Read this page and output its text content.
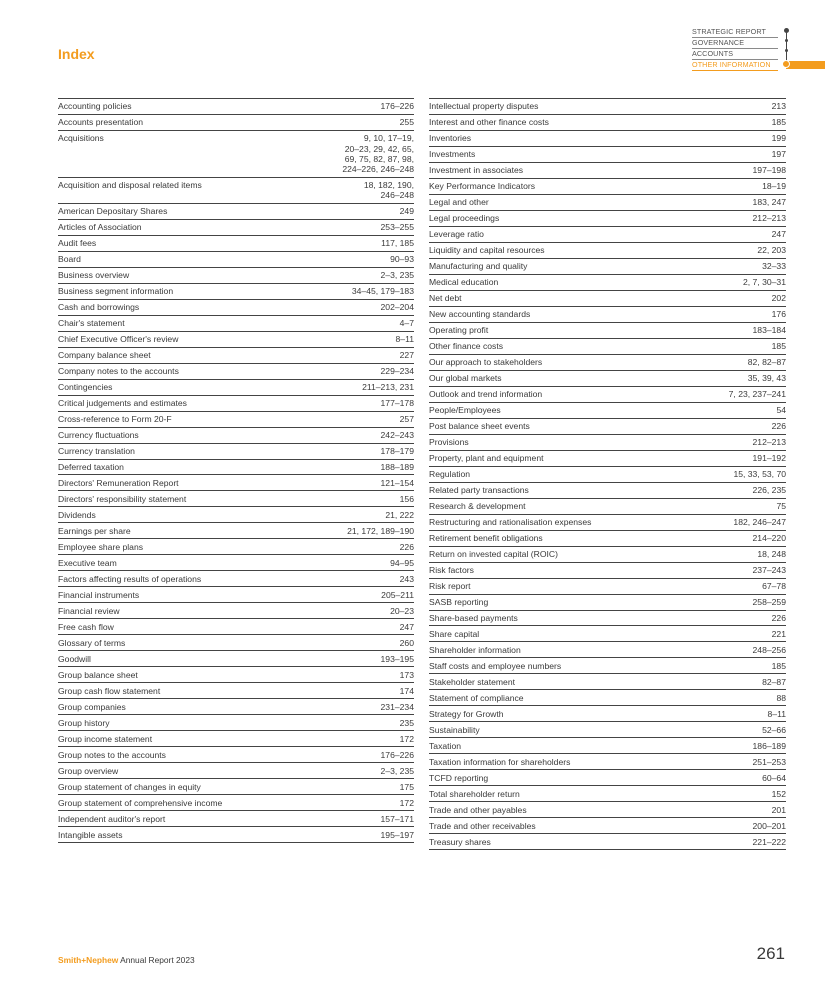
Index
STRATEGIC REPORT
GOVERNANCE
ACCOUNTS
OTHER INFORMATION
Accounting policies	176–226
Accounts presentation	255
Acquisitions	9, 10, 17–19,
20–23, 29, 42, 65,
69, 75, 82, 87, 98,
224–226, 246–248
Acquisition and disposal related items	18, 182, 190,
246–248
American Depositary Shares	249
Articles of Association	253–255
Audit fees	117, 185
Board	90–93
Business overview	2–3, 235
Business segment information	34–45, 179–183
Cash and borrowings	202–204
Chair's statement	4–7
Chief Executive Officer's review	8–11
Company balance sheet	227
Company notes to the accounts	229–234
Contingencies	211–213, 231
Critical judgements and estimates	177–178
Cross-reference to Form 20-F	257
Currency fluctuations	242–243
Currency translation	178–179
Deferred taxation	188–189
Directors' Remuneration Report	121–154
Directors' responsibility statement	156
Dividends	21, 222
Earnings per share	21, 172, 189–190
Employee share plans	226
Executive team	94–95
Factors affecting results of operations	243
Financial instruments	205–211
Financial review	20–23
Free cash flow	247
Glossary of terms	260
Goodwill	193–195
Group balance sheet	173
Group cash flow statement	174
Group companies	231–234
Group history	235
Group income statement	172
Group notes to the accounts	176–226
Group overview	2–3, 235
Group statement of changes in equity	175
Group statement of comprehensive income	172
Independent auditor's report	157–171
Intangible assets	195–197
Intellectual property disputes	213
Interest and other finance costs	185
Inventories	199
Investments	197
Investment in associates	197–198
Key Performance Indicators	18–19
Legal and other	183, 247
Legal proceedings	212–213
Leverage ratio	247
Liquidity and capital resources	22, 203
Manufacturing and quality	32–33
Medical education	2, 7, 30–31
Net debt	202
New accounting standards	176
Operating profit	183–184
Other finance costs	185
Our approach to stakeholders	82, 82–87
Our global markets	35, 39, 43
Outlook and trend information	7, 23, 237–241
People/Employees	54
Post balance sheet events	226
Provisions	212–213
Property, plant and equipment	191–192
Regulation	15, 33, 53, 70
Related party transactions	226, 235
Research & development	75
Restructuring and rationalisation expenses	182, 246–247
Retirement benefit obligations	214–220
Return on invested capital (ROIC)	18, 248
Risk factors	237–243
Risk report	67–78
SASB reporting	258–259
Share-based payments	226
Share capital	221
Shareholder information	248–256
Staff costs and employee numbers	185
Stakeholder statement	82–87
Statement of compliance	88
Strategy for Growth	8–11
Sustainability	52–66
Taxation	186–189
Taxation information for shareholders	251–253
TCFD reporting	60–64
Total shareholder return	152
Trade and other payables	201
Trade and other receivables	200–201
Treasury shares	221–222
Smith+Nephew Annual Report 2023	261
